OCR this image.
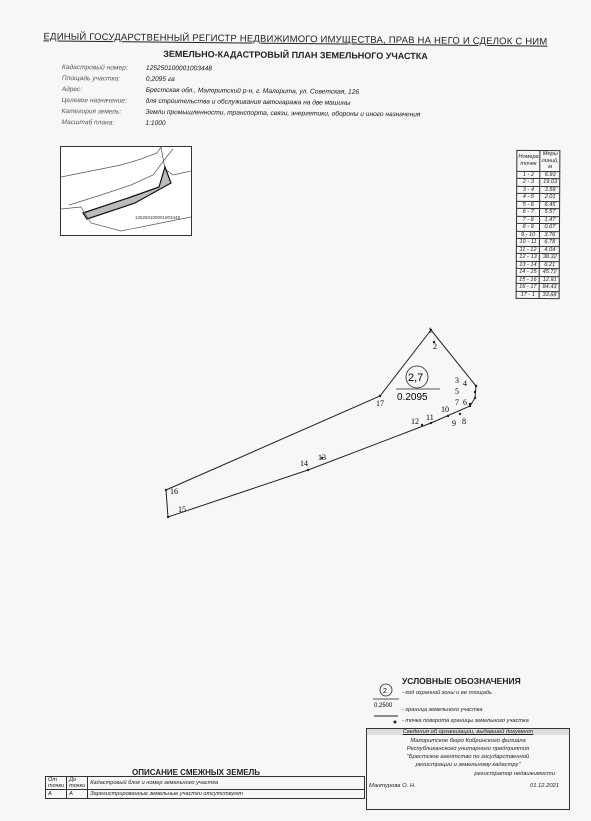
ЕДИНЫЙ ГОСУДАРСТВЕННЫЙ РЕГИСТР НЕДВИЖИМОГО ИМУЩЕСТВА, ПРАВ НА НЕГО И СДЕЛОК С НИМ
ЗЕМЕЛЬНО-КАДАСТРОВЫЙ ПЛАН ЗЕМЕЛЬНОГО УЧАСТКА
Кадастровый номер:	125250100001003448
Площадь участка:	0,2095 га
Адрес:	Брестская обл., Малоритский р-н, г. Малорита, ул. Советская, 126
Целевое назначение:	для строительства и обслуживания автогаража на две машины
Категория земель:	Земли промышленности, транспорта, связи, энергетики, обороны и иного назначения
Масштаб плана:	1:1000
125250100001003448
Номера точек	Меры линий, м
1 - 2	6.93
2 - 3	19.03
3 - 4	3.58
4 - 5	2.01
5 - 6	6.45
6 - 7	5.57
7 - 8	1.47
8 - 9	0.67
9 - 10	3.76
10 - 11	6.78
11 - 12	4.04
12 - 13	38.32
13 - 14	6.21
14 - 15	45.72
15 - 16	12.91
16 - 17	84.43
17 - 1	33.68
1
2
3 4
5
6
7
8
9
10
11
12
13
14
15
16
17
2,7
0.2095
2
0.2500
УСЛОВНЫЕ ОБОЗНАЧЕНИЯ
- код охранной зоны и ее площадь
- граница земельного участка
- точка поворота границы земельного участка
Сведения об организации, выдавшей документ
Малоритское бюро Кобринского филиала
Республиканского унитарного предприятия
"Брестское агентство по государственной
регистрации и земельному кадастру"
регистратор недвижимости
Мантурова О. Н.	01.12.2021
ОПИСАНИЕ СМЕЖНЫХ ЗЕМЕЛЬ
От точки	До точки	Кадастровый блок и номер земельного участка
А	А	Зарегистрированные земельные участки отсутствуют
